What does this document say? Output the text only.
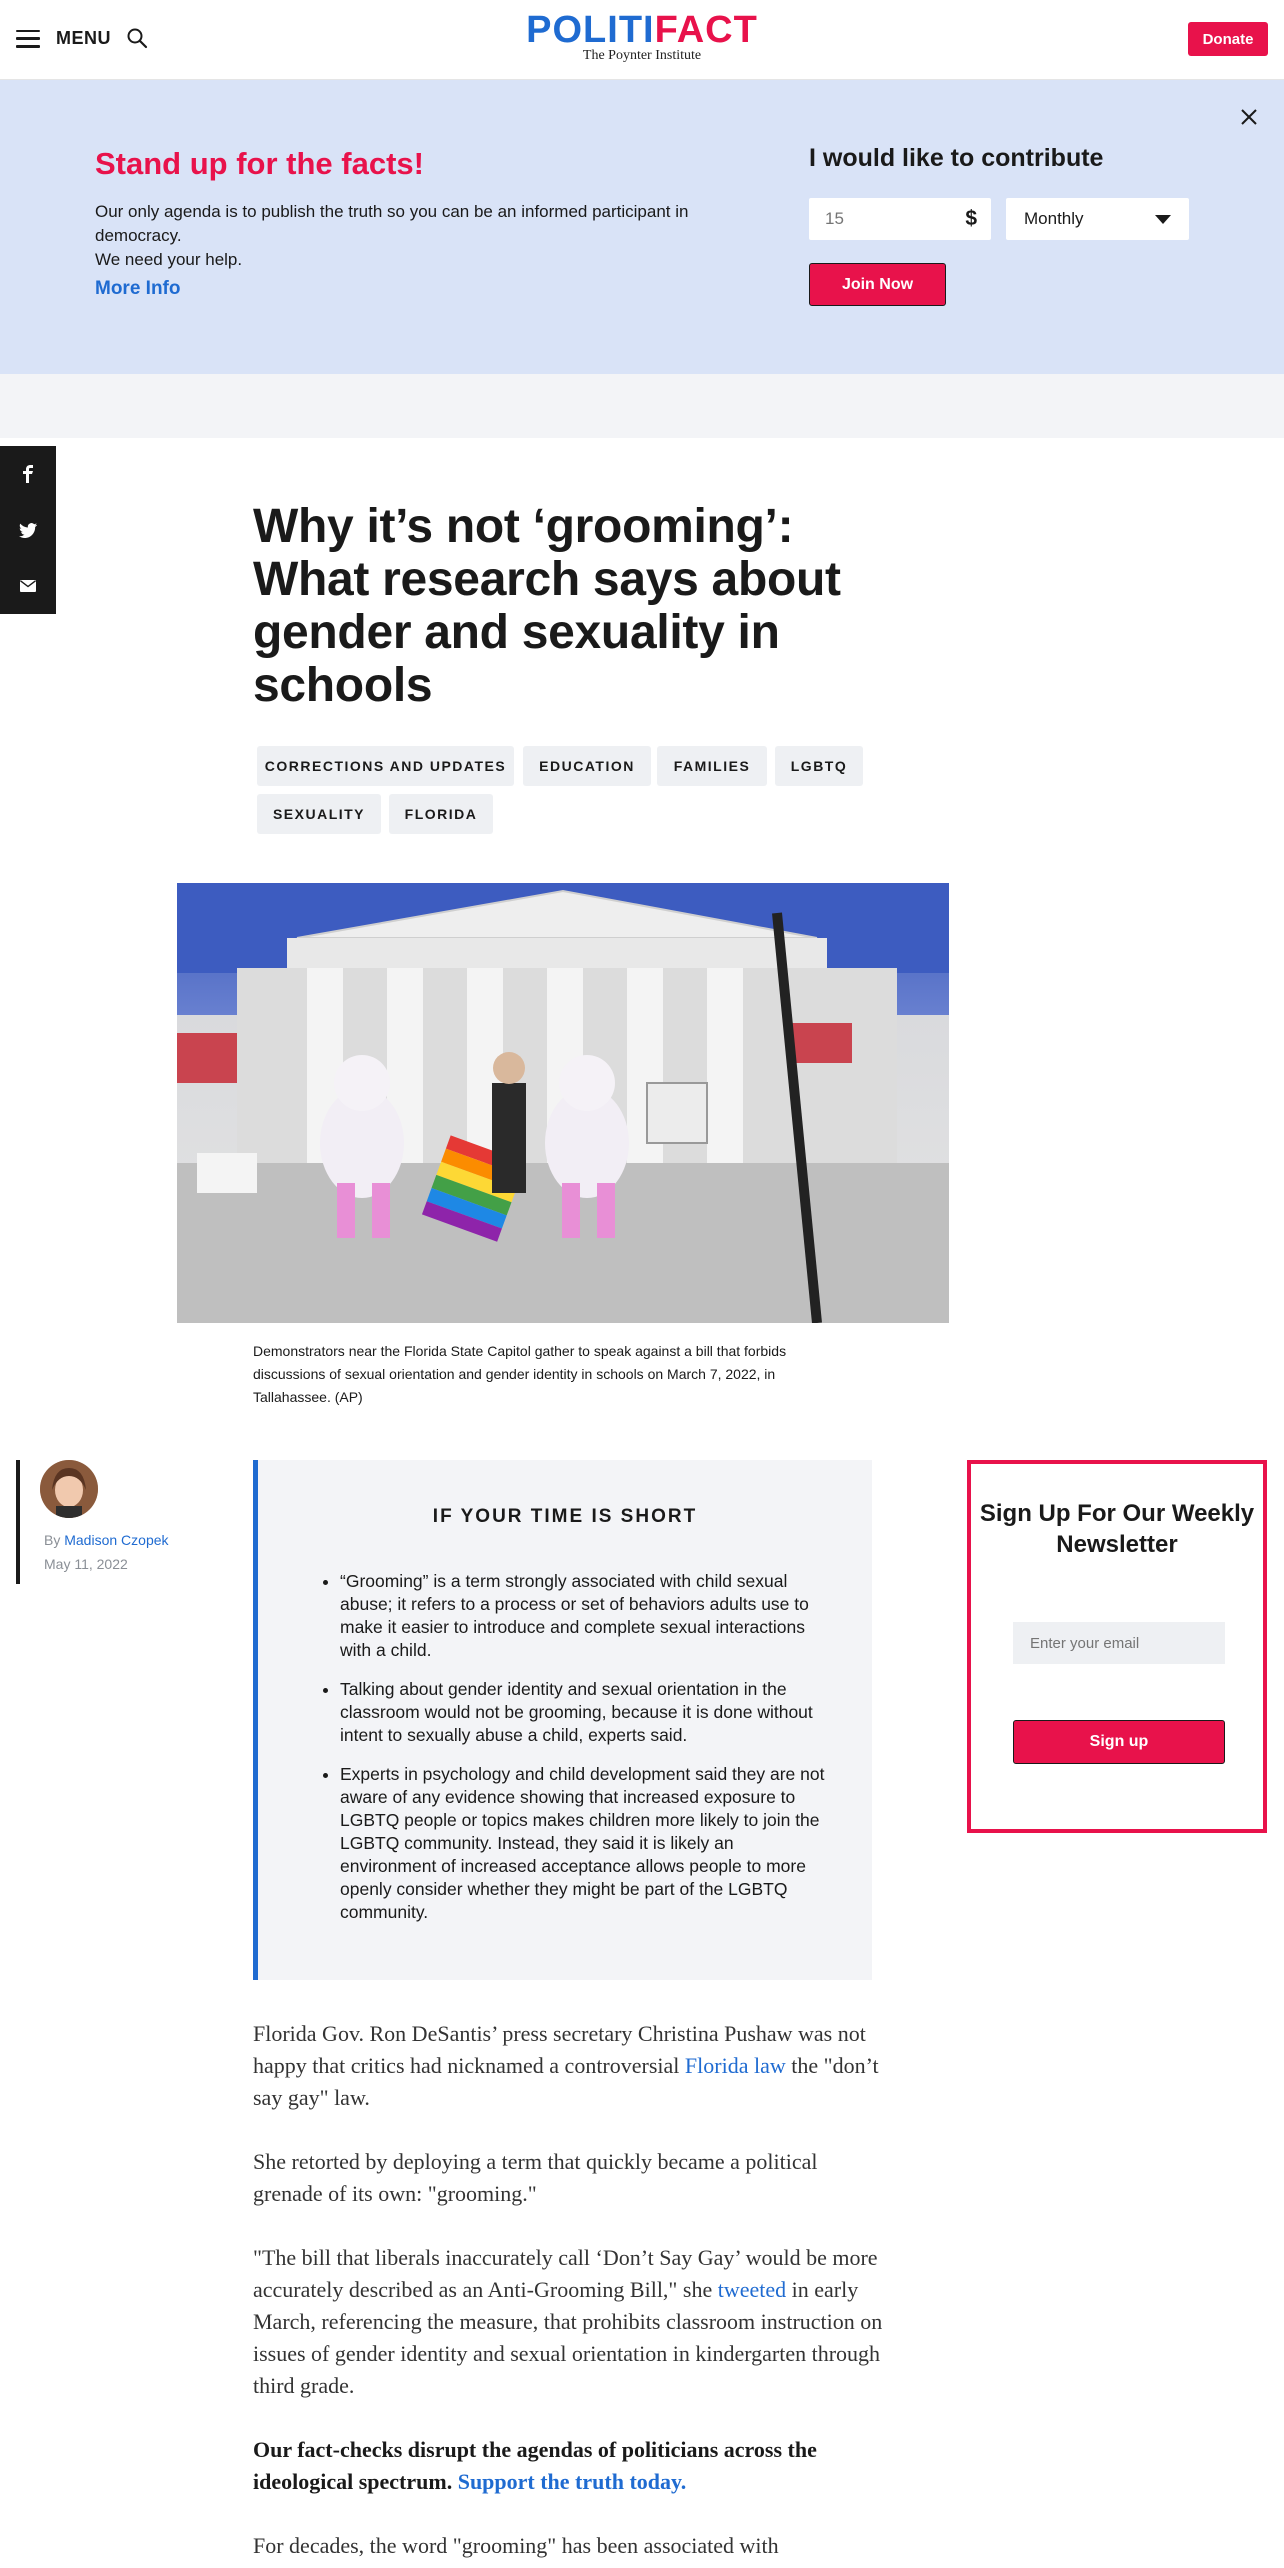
MENU	POLITIFACT
The Poynter Institute
Donate
Stand up for the facts!
Our only agenda is to publish the truth so you can be an informed participant in democracy.
We need your help.
More Info
I would like to contribute
15
$	Monthly
Join Now
Why it’s not ‘grooming’: What research says about gender and sexuality in schools
CORRECTIONS AND UPDATES	EDUCATION	FAMILIES	LGBTQ
SEXUALITY	FLORIDA

Demonstrators near the Florida State Capitol gather to speak against a bill that forbids discussions of sexual orientation and gender identity in schools on March 7, 2022, in Tallahassee. (AP)

By Madison Czopek
May 11, 2022
IF YOUR TIME IS SHORT
• “Grooming” is a term strongly associated with child sexual abuse; it refers to a process or set of behaviors adults use to make it easier to introduce and complete sexual interactions with a child.
• Talking about gender identity and sexual orientation in the classroom would not be grooming, because it is done without intent to sexually abuse a child, experts said.
• Experts in psychology and child development said they are not aware of any evidence showing that increased exposure to LGBTQ people or topics makes children more likely to join the LGBTQ community. Instead, they said it is likely an environment of increased acceptance allows people to more openly consider whether they might be part of the LGBTQ community.
Sign Up For Our Weekly Newsletter
Enter your email
Sign up

Florida Gov. Ron DeSantis’ press secretary Christina Pushaw was not happy that critics had nicknamed a controversial Florida law the "don’t say gay" law.

She retorted by deploying a term that quickly became a political grenade of its own: "grooming."

"The bill that liberals inaccurately call ‘Don’t Say Gay’ would be more accurately described as an Anti-Grooming Bill," she tweeted in early March, referencing the measure, that prohibits classroom instruction on issues of gender identity and sexual orientation in kindergarten through third grade.

Our fact-checks disrupt the agendas of politicians across the ideological spectrum. Support the truth today.

For decades, the word "grooming" has been associated with
